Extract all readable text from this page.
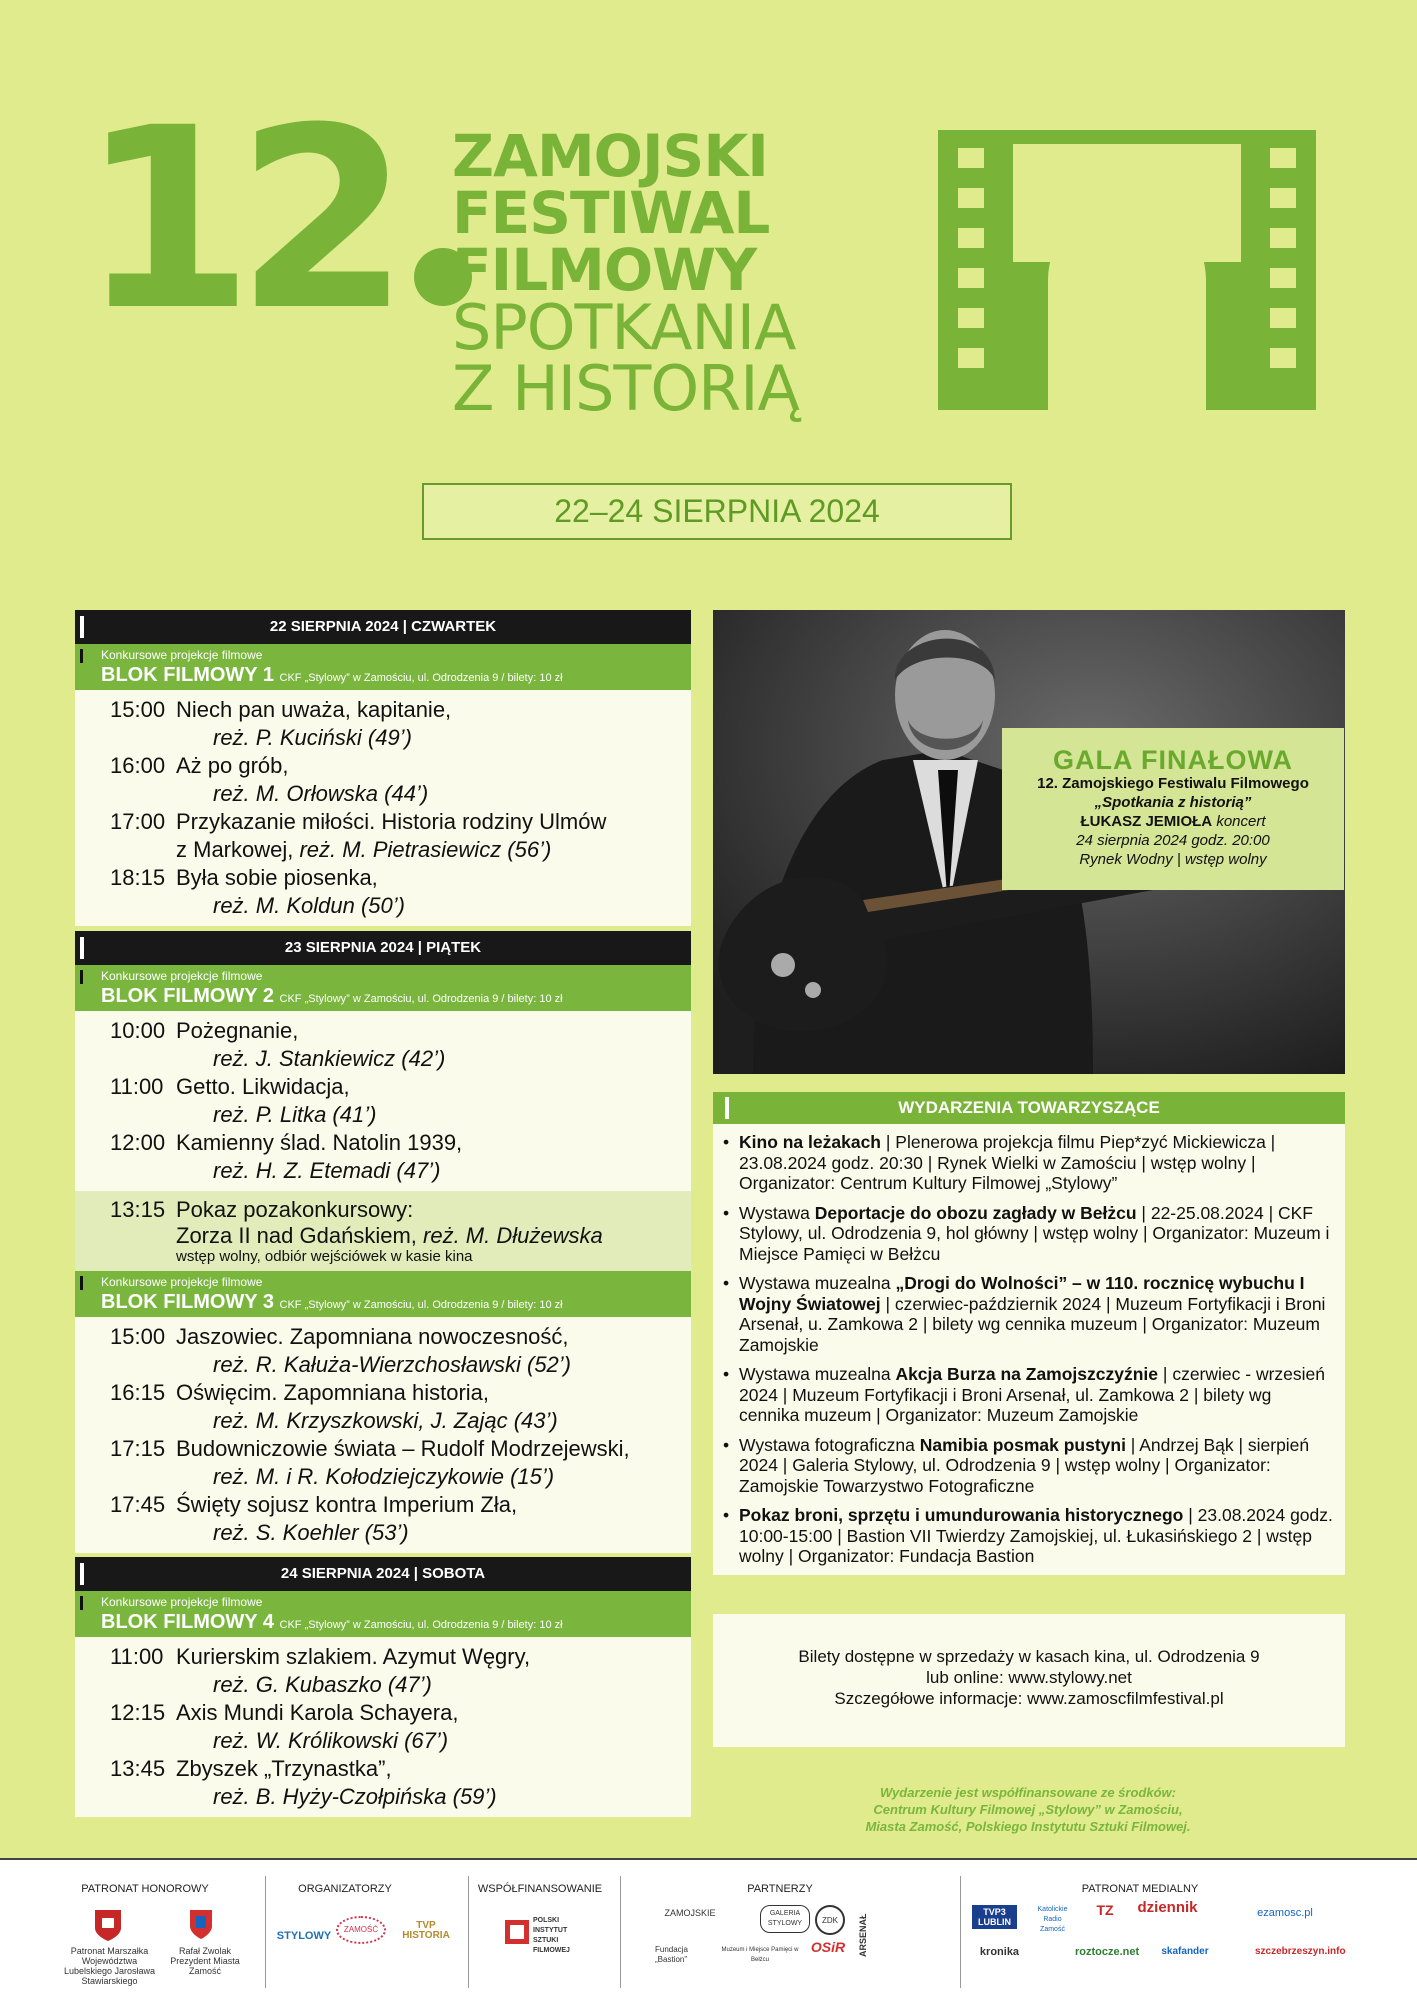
12	ZAMOJSKI
FESTIWAL
FILMOWY
SPOTKANIA
Z HISTORIĄ
22–24 SIERPNIA 2024
22 SIERPNIA 2024 | CZWARTEK
Konkursowe projekcje filmowe
BLOK FILMOWY 1 CKF „Stylowy” w Zamościu, ul. Odrodzenia 9 / bilety: 10 zł
15:00 Niech pan uważa, kapitanie,
reż. P. Kuciński (49’)
16:00 Aż po grób,
reż. M. Orłowska (44’)
17:00 Przykazanie miłości. Historia rodziny Ulmów
z Markowej, reż. M. Pietrasiewicz (56’)
18:15 Była sobie piosenka,
reż. M. Koldun (50’)
23 SIERPNIA 2024 | PIĄTEK
Konkursowe projekcje filmowe
BLOK FILMOWY 2 CKF „Stylowy” w Zamościu, ul. Odrodzenia 9 / bilety: 10 zł
10:00 Pożegnanie,
reż. J. Stankiewicz (42’)
11:00 Getto. Likwidacja,
reż. P. Litka (41’)
12:00 Kamienny ślad. Natolin 1939,
reż. H. Z. Etemadi (47’)
13:15 Pokaz pozakonkursowy:
Zorza II nad Gdańskiem, reż. M. Dłużewska
wstęp wolny, odbiór wejściówek w kasie kina
Konkursowe projekcje filmowe
BLOK FILMOWY 3 CKF „Stylowy” w Zamościu, ul. Odrodzenia 9 / bilety: 10 zł
15:00 Jaszowiec. Zapomniana nowoczesność,
reż. R. Kałuża-Wierzchosławski (52’)
16:15 Oświęcim. Zapomniana historia,
reż. M. Krzyszkowski, J. Zając (43’)
17:15 Budowniczowie świata – Rudolf Modrzejewski,
reż. M. i R. Kołodziejczykowie (15’)
17:45 Święty sojusz kontra Imperium Zła,
reż. S. Koehler (53’)
24 SIERPNIA 2024 | SOBOTA
Konkursowe projekcje filmowe
BLOK FILMOWY 4 CKF „Stylowy” w Zamościu, ul. Odrodzenia 9 / bilety: 10 zł
11:00 Kurierskim szlakiem. Azymut Węgry,
reż. G. Kubaszko (47’)
12:15 Axis Mundi Karola Schayera,
reż. W. Królikowski (67’)
13:45 Zbyszek „Trzynastka”,
reż. B. Hyży-Czołpińska (59’)
GALA FINAŁOWA
12. Zamojskiego Festiwalu Filmowego
„Spotkania z historią”
ŁUKASZ JEMIOŁA koncert
24 sierpnia 2024 godz. 20:00
Rynek Wodny | wstęp wolny
WYDARZENIA TOWARZYSZĄCE
• Kino na leżakach | Plenerowa projekcja filmu Piep*zyć Mickiewicza | 23.08.2024 godz. 20:30 | Rynek Wielki w Zamościu | wstęp wolny | Organizator: Centrum Kultury Filmowej „Stylowy”
• Wystawa Deportacje do obozu zagłady w Bełżcu | 22-25.08.2024 | CKF Stylowy, ul. Odrodzenia 9, hol główny | wstęp wolny | Organizator: Muzeum i Miejsce Pamięci w Bełżcu
• Wystawa muzealna „Drogi do Wolności” – w 110. rocznicę wybuchu I Wojny Światowej | czerwiec-październik 2024 | Muzeum Fortyfikacji i Broni Arsenał, u. Zamkowa 2 | bilety wg cennika muzeum | Organizator: Muzeum Zamojskie
• Wystawa muzealna Akcja Burza na Zamojszczyźnie | czerwiec - wrzesień 2024 | Muzeum Fortyfikacji i Broni Arsenał, ul. Zamkowa 2 | bilety wg cennika muzeum | Organizator: Muzeum Zamojskie
• Wystawa fotograficzna Namibia posmak pustyni | Andrzej Bąk | sierpień 2024 | Galeria Stylowy, ul. Odrodzenia 9 | wstęp wolny | Organizator: Zamojskie Towarzystwo Fotograficzne
• Pokaz broni, sprzętu i umundurowania historycznego | 23.08.2024 godz. 10:00-15:00 | Bastion VII Twierdzy Zamojskiej, ul. Łukasińskiego 2 | wstęp wolny | Organizator: Fundacja Bastion
Bilety dostępne w sprzedaży w kasach kina, ul. Odrodzenia 9
lub online: www.stylowy.net
Szczegółowe informacje: www.zamoscfilmfestival.pl
Wydarzenie jest współfinansowane ze środków:
Centrum Kultury Filmowej „Stylowy” w Zamościu,
Miasta Zamość, Polskiego Instytutu Sztuki Filmowej.
PATRONAT HONOROWY	ORGANIZATORZY	WSPÓŁFINANSOWANIE	PARTNERZY	PATRONAT MEDIALNY
Patronat Marszałka Województwa Lubelskiego Jarosława Stawiarskiego
Rafał Zwolak Prezydent Miasta Zamość
STYLOWY
ZAMOŚĆ	TVP HISTORIA
POLSKI INSTYTUT SZTUKI FILMOWEJ
ZAMOJSKIE	GALERIA STYLOWY	ZDK	ARSENAŁ
Fundacja „Bastion”
Muzeum i Miejsce Pamięci w Bełżcu
OSiR
TVP3 LUBLIN
Katolickie Radio Zamość
TZ	dziennik	ezamosc.pl
kronika	roztocze.net	skafander	szczebrzeszyn.info
